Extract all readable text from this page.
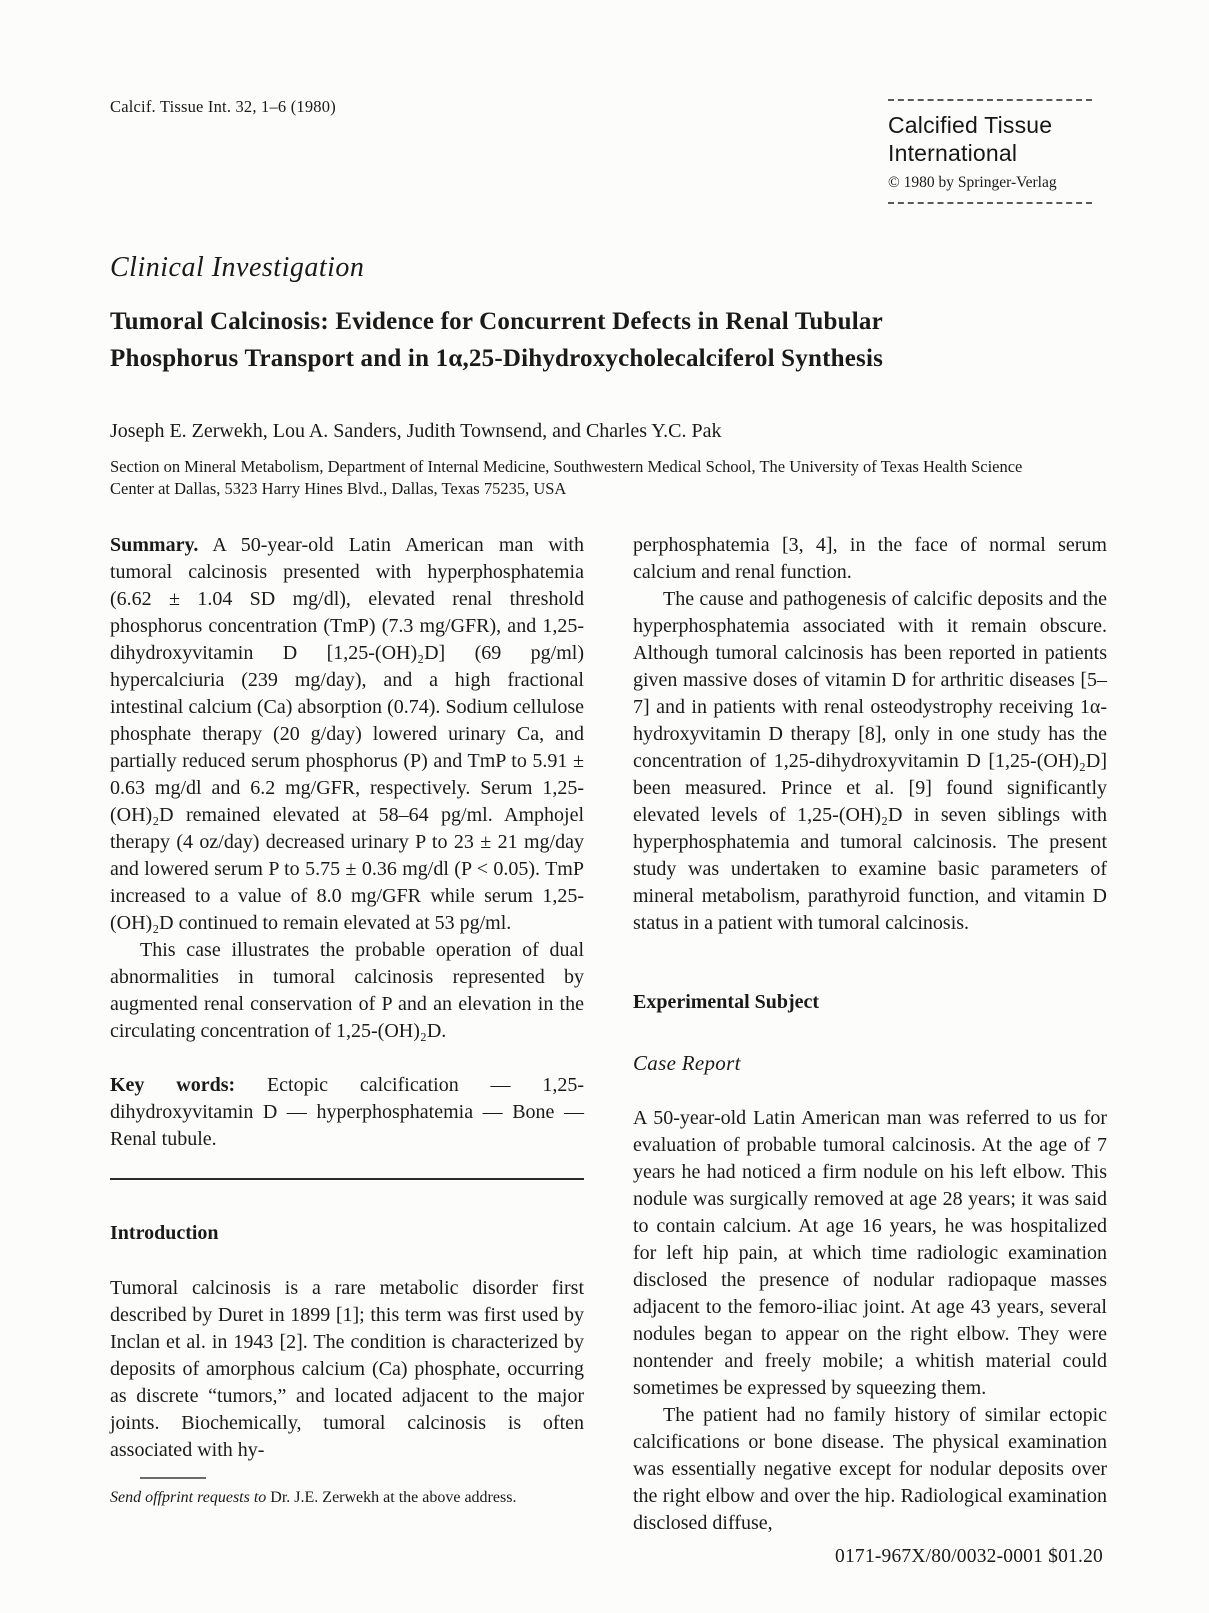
Calcif. Tissue Int. 32, 1–6 (1980)
Calcified Tissue
International
© 1980 by Springer-Verlag
Clinical Investigation
Tumoral Calcinosis: Evidence for Concurrent Defects in Renal Tubular Phosphorus Transport and in 1α,25-Dihydroxycholecalciferol Synthesis
Joseph E. Zerwekh, Lou A. Sanders, Judith Townsend, and Charles Y.C. Pak
Section on Mineral Metabolism, Department of Internal Medicine, Southwestern Medical School, The University of Texas Health Science Center at Dallas, 5323 Harry Hines Blvd., Dallas, Texas 75235, USA

Summary. A 50-year-old Latin American man with tumoral calcinosis presented with hyperphosphatemia (6.62 ± 1.04 SD mg/dl), elevated renal threshold phosphorus concentration (TmP) (7.3 mg/GFR), and 1,25-dihydroxyvitamin D [1,25-(OH)₂D] (69 pg/ml) hypercalciuria (239 mg/day), and a high fractional intestinal calcium (Ca) absorption (0.74). Sodium cellulose phosphate therapy (20 g/day) lowered urinary Ca, and partially reduced serum phosphorus (P) and TmP to 5.91 ± 0.63 mg/dl and 6.2 mg/GFR, respectively. Serum 1,25-(OH)₂D remained elevated at 58–64 pg/ml. Amphojel therapy (4 oz/day) decreased urinary P to 23 ± 21 mg/day and lowered serum P to 5.75 ± 0.36 mg/dl (P < 0.05). TmP increased to a value of 8.0 mg/GFR while serum 1,25-(OH)₂D continued to remain elevated at 53 pg/ml.

This case illustrates the probable operation of dual abnormalities in tumoral calcinosis represented by augmented renal conservation of P and an elevation in the circulating concentration of 1,25-(OH)₂D.

Key words: Ectopic calcification — 1,25-dihydroxyvitamin D — hyperphosphatemia — Bone — Renal tubule.

Introduction

Tumoral calcinosis is a rare metabolic disorder first described by Duret in 1899 [1]; this term was first used by Inclan et al. in 1943 [2]. The condition is characterized by deposits of amorphous calcium (Ca) phosphate, occurring as discrete “tumors,” and located adjacent to the major joints. Biochemically, tumoral calcinosis is often associated with hy-

Send offprint requests to Dr. J.E. Zerwekh at the above address.

perphosphatemia [3, 4], in the face of normal serum calcium and renal function.

The cause and pathogenesis of calcific deposits and the hyperphosphatemia associated with it remain obscure. Although tumoral calcinosis has been reported in patients given massive doses of vitamin D for arthritic diseases [5–7] and in patients with renal osteodystrophy receiving 1α-hydroxyvitamin D therapy [8], only in one study has the concentration of 1,25-dihydroxyvitamin D [1,25-(OH)₂D] been measured. Prince et al. [9] found significantly elevated levels of 1,25-(OH)₂D in seven siblings with hyperphosphatemia and tumoral calcinosis. The present study was undertaken to examine basic parameters of mineral metabolism, parathyroid function, and vitamin D status in a patient with tumoral calcinosis.

Experimental Subject
Case Report

A 50-year-old Latin American man was referred to us for evaluation of probable tumoral calcinosis. At the age of 7 years he had noticed a firm nodule on his left elbow. This nodule was surgically removed at age 28 years; it was said to contain calcium. At age 16 years, he was hospitalized for left hip pain, at which time radiologic examination disclosed the presence of nodular radiopaque masses adjacent to the femoro-iliac joint. At age 43 years, several nodules began to appear on the right elbow. They were nontender and freely mobile; a whitish material could sometimes be expressed by squeezing them.

The patient had no family history of similar ectopic calcifications or bone disease. The physical examination was essentially negative except for nodular deposits over the right elbow and over the hip. Radiological examination disclosed diffuse,

0171-967X/80/0032-0001 $01.20
